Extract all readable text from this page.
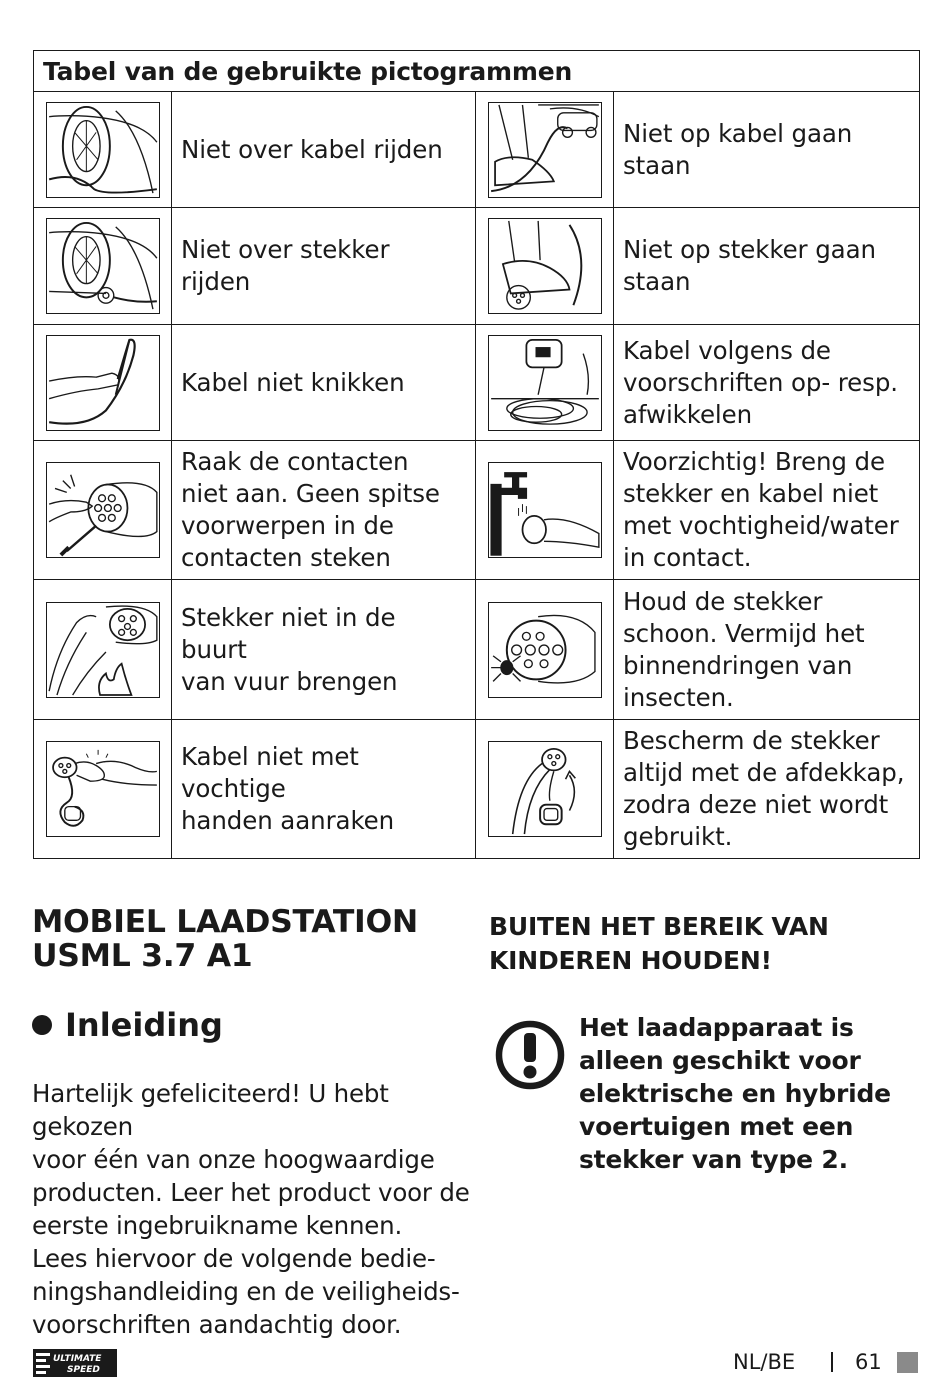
Tabel van de gebruikte pictogrammen			

	Niet over kabel rijden		Niet op kabel gaan
staan

	Niet over stekker rijden		Niet op stekker gaan
staan

	Kabel niet knikken		Kabel volgens de
voorschriften op- resp.
afwikkelen

	Raak de contacten
niet aan. Geen spitse
voorwerpen in de
contacten steken		Voorzichtig! Breng de
stekker en kabel niet
met vochtigheid/water
in contact.

	Stekker niet in de buurt
van vuur brengen		Houd de stekker
schoon. Vermijd het
binnendringen van
insecten.

	Kabel niet met vochtige
handen aanraken		Bescherm de stekker
altijd met de afdekkap,
zodra deze niet wordt
gebruikt.
MOBIEL LAADSTATION
USML 3.7 A1
Inleiding

Hartelijk gefeliciteerd! U hebt gekozen
voor één van onze hoogwaardige
producten. Leer het product voor de
eerste ingebruikname kennen.
Lees hiervoor de volgende bedie-
ningshandleiding en de veiligheids-
voorschriften aandachtig door.

BUITEN HET BEREIK VAN
KINDEREN HOUDEN!

Het laadapparaat is
alleen geschikt voor
elektrische en hybride
voertuigen met een
stekker van type 2.

ULTIMATE
SPEED	NL/BE	61
